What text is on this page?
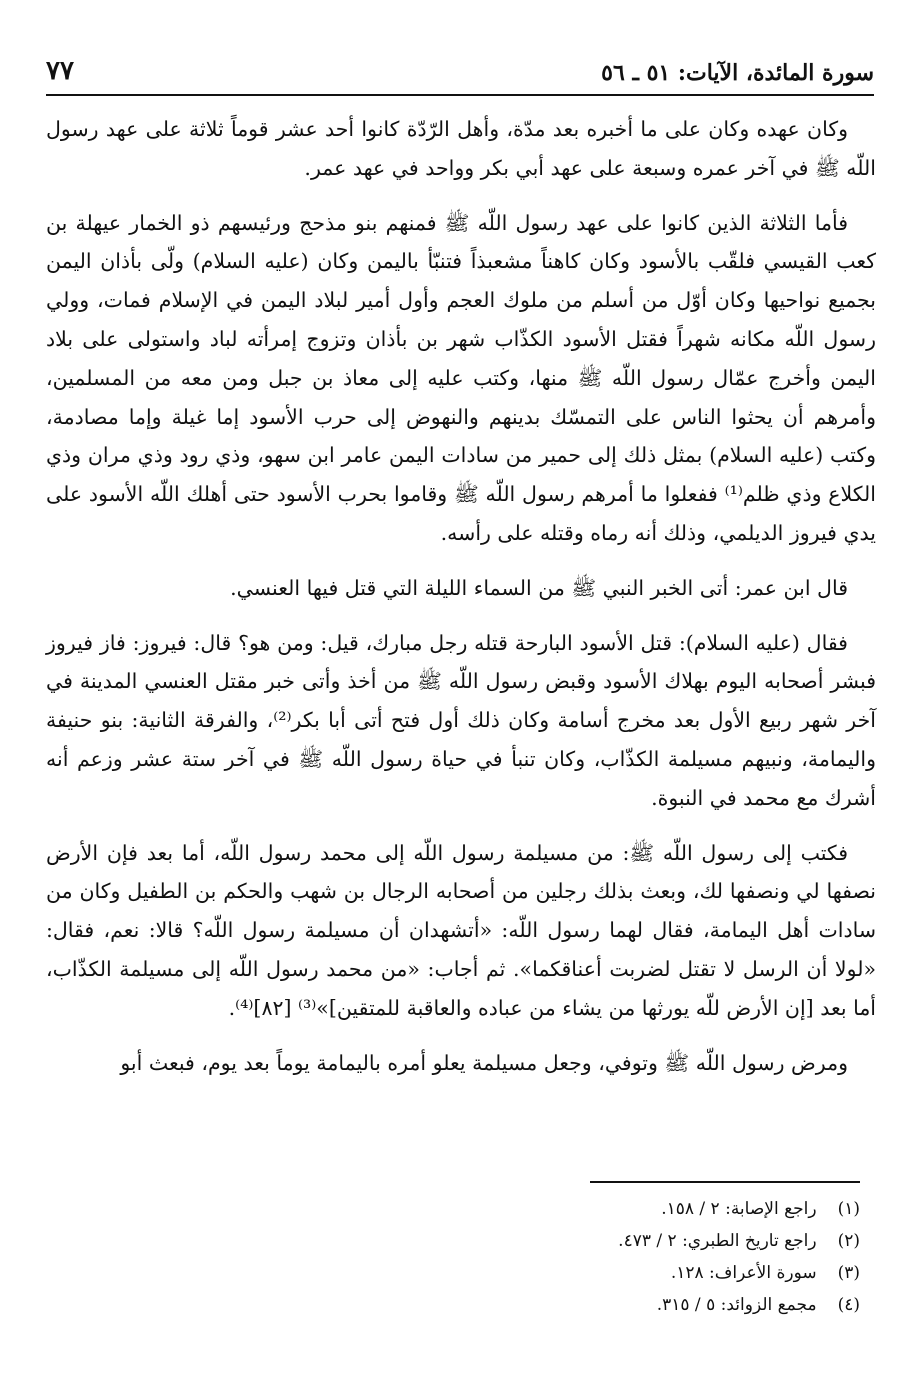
سورة المائدة، الآيات: ٥١ ـ ٥٦
٧٧

وكان عهده وكان على ما أخبره بعد مدّة، وأهل الرّدّة كانوا أحد عشر قوماً ثلاثة على عهد رسول اللّه ﷺ في آخر عمره وسبعة على عهد أبي بكر وواحد في عهد عمر.

فأما الثلاثة الذين كانوا على عهد رسول اللّه ﷺ فمنهم بنو مذحج ورئيسهم ذو الخمار عيهلة بن كعب القيسي فلقّب بالأسود وكان كاهناً مشعبذاً فتنبّأ باليمن وكان (عليه السلام) ولّى بأذان اليمن بجميع نواحيها وكان أوّل من أسلم من ملوك العجم وأول أمير لبلاد اليمن في الإسلام فمات، وولي رسول اللّه مكانه شهراً فقتل الأسود الكذّاب شهر بن بأذان وتزوج إمرأته لباد واستولى على بلاد اليمن وأخرج عمّال رسول اللّه ﷺ منها، وكتب عليه إلى معاذ بن جبل ومن معه من المسلمين، وأمرهم أن يحثوا الناس على التمسّك بدينهم والنهوض إلى حرب الأسود إما غيلة وإما مصادمة، وكتب (عليه السلام) بمثل ذلك إلى حمير من سادات اليمن عامر ابن سهو، وذي رود وذي مران وذي الكلاع وذي ظلم⁽¹⁾ ففعلوا ما أمرهم رسول اللّه ﷺ وقاموا بحرب الأسود حتى أهلك اللّه الأسود على يدي فيروز الديلمي، وذلك أنه رماه وقتله على رأسه.

قال ابن عمر: أتى الخبر النبي ﷺ من السماء الليلة التي قتل فيها العنسي.

فقال (عليه السلام): قتل الأسود البارحة قتله رجل مبارك، قيل: ومن هو؟ قال: فيروز: فاز فيروز فبشر أصحابه اليوم بهلاك الأسود وقبض رسول اللّه ﷺ من أخذ وأتى خبر مقتل العنسي المدينة في آخر شهر ربيع الأول بعد مخرج أسامة وكان ذلك أول فتح أتى أبا بكر⁽²⁾، والفرقة الثانية: بنو حنيفة واليمامة، ونبيهم مسيلمة الكذّاب، وكان تنبأ في حياة رسول اللّه ﷺ في آخر ستة عشر وزعم أنه أشرك مع محمد في النبوة.

فكتب إلى رسول اللّه ﷺ: من مسيلمة رسول اللّه إلى محمد رسول اللّه، أما بعد فإن الأرض نصفها لي ونصفها لك، وبعث بذلك رجلين من أصحابه الرجال بن شهب والحكم بن الطفيل وكان من سادات أهل اليمامة، فقال لهما رسول اللّه: «أتشهدان أن مسيلمة رسول اللّه؟ قالا: نعم، فقال: «لولا أن الرسل لا تقتل لضربت أعناقكما». ثم أجاب: «من محمد رسول اللّه إلى مسيلمة الكذّاب، أما بعد [إن الأرض للّه يورثها من يشاء من عباده والعاقبة للمتقين]»⁽³⁾ [٨٢]⁽⁴⁾.

ومرض رسول اللّه ﷺ وتوفي، وجعل مسيلمة يعلو أمره باليمامة يوماً بعد يوم، فبعث أبو

(١) راجع الإصابة: ٢ / ١٥٨.
(٢) راجع تاريخ الطبري: ٢ / ٤٧٣.
(٣) سورة الأعراف: ١٢٨.
(٤) مجمع الزوائد: ٥ / ٣١٥.
